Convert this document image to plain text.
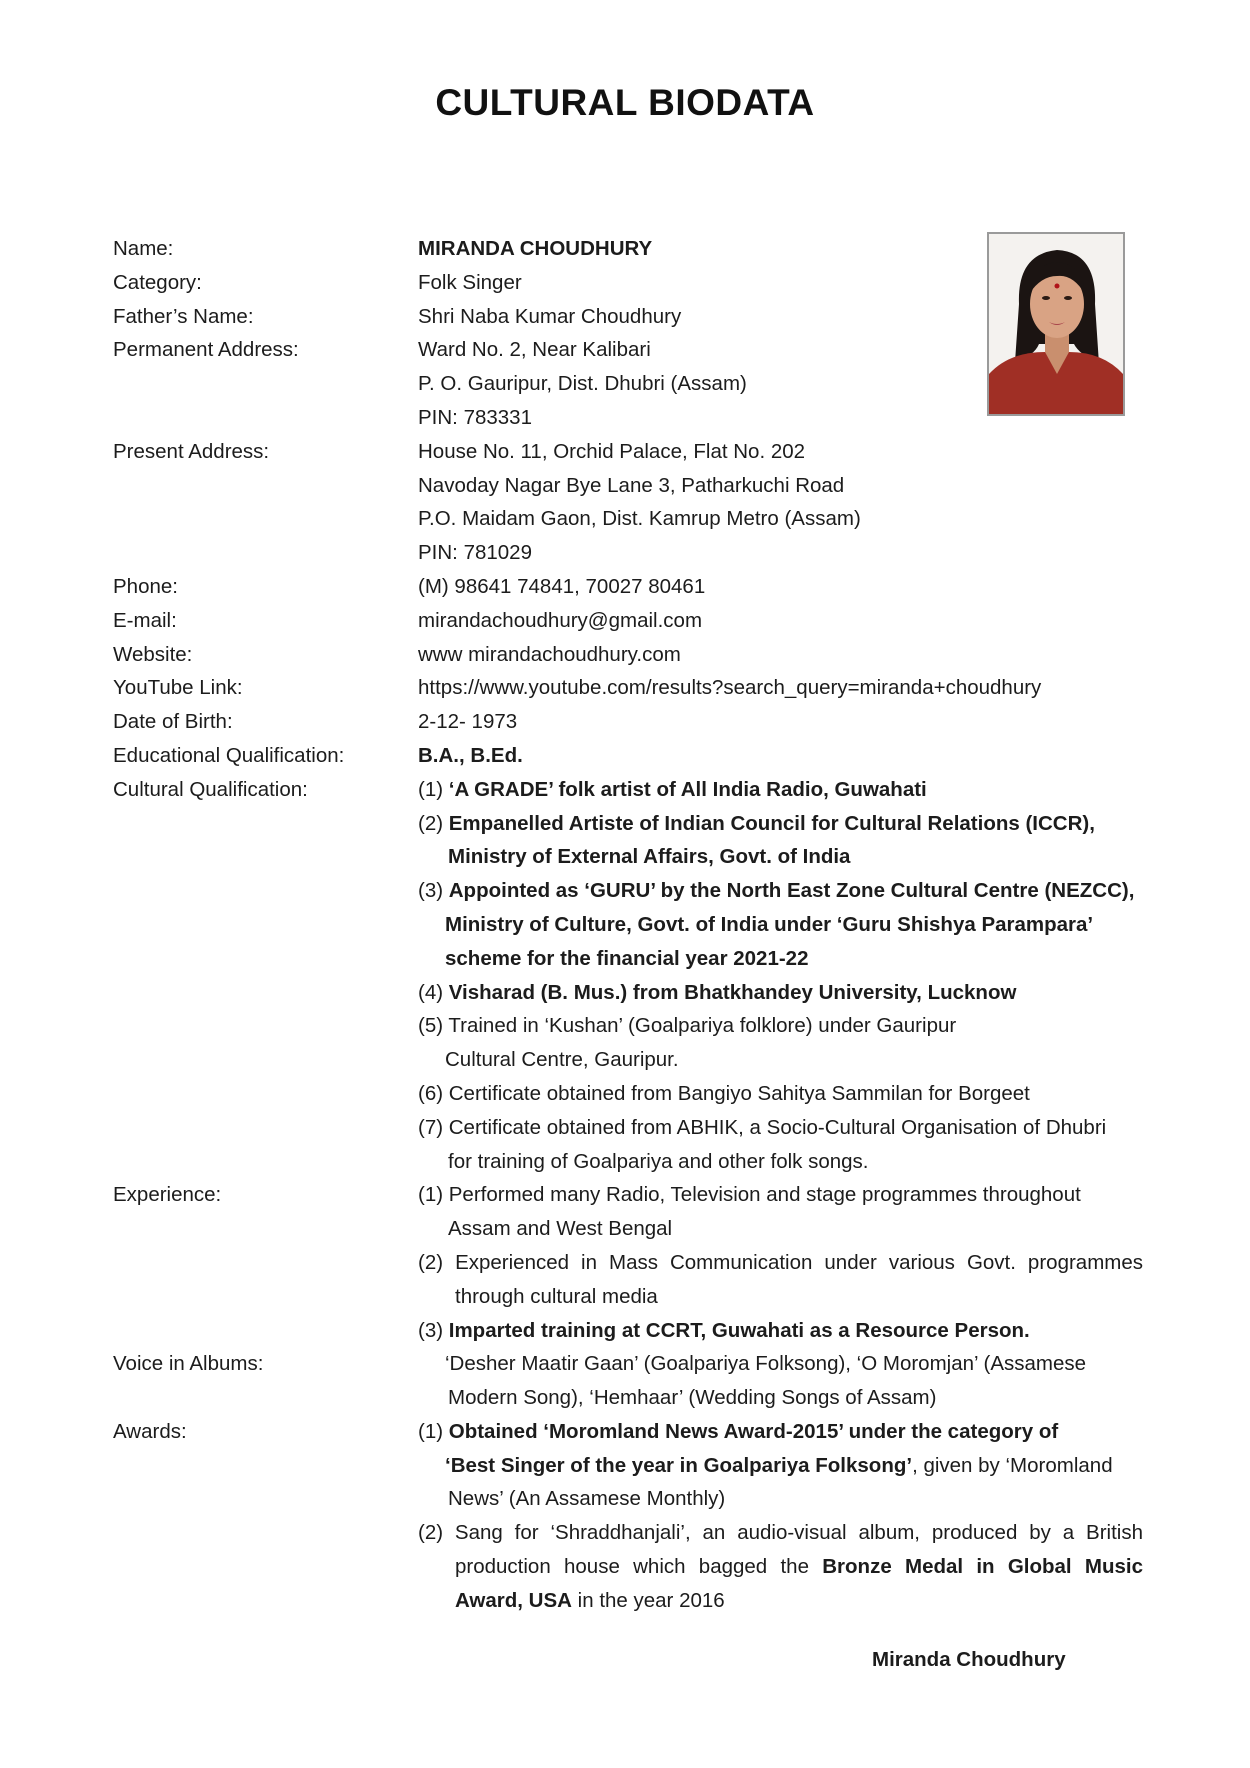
CULTURAL BIODATA
Name:	MIRANDA CHOUDHURY
Category:	Folk Singer
Father’s Name:	Shri Naba Kumar Choudhury
Permanent Address:	Ward No. 2, Near Kalibari
P. O. Gauripur, Dist. Dhubri (Assam)
PIN: 783331
Present Address:	House No. 11, Orchid Palace, Flat No. 202
Navoday Nagar Bye Lane 3, Patharkuchi Road
P.O. Maidam Gaon, Dist. Kamrup Metro (Assam)
PIN: 781029
Phone:	(M) 98641 74841, 70027 80461
E-mail:	mirandachoudhury@gmail.com
Website:	www mirandachoudhury.com
YouTube Link:	https://www.youtube.com/results?search_query=miranda+choudhury
Date of Birth:	2-12- 1973
Educational Qualification:	B.A., B.Ed.
Cultural Qualification:	(1) ‘A GRADE’ folk artist of All India Radio, Guwahati
(2) Empanelled Artiste of Indian Council for Cultural Relations (ICCR),
Ministry of External Affairs, Govt. of India
(3) Appointed as ‘GURU’ by the North East Zone Cultural Centre (NEZCC),
Ministry of Culture, Govt. of India under ‘Guru Shishya Parampara’
scheme for the financial year 2021-22
(4) Visharad (B. Mus.) from Bhatkhandey University, Lucknow
(5) Trained in ‘Kushan’ (Goalpariya folklore) under Gauripur
Cultural Centre, Gauripur.
(6) Certificate obtained from Bangiyo Sahitya Sammilan for Borgeet
(7) Certificate obtained from ABHIK, a Socio-Cultural Organisation of Dhubri
for training of Goalpariya and other folk songs.
Experience:	(1) Performed many Radio, Television and stage programmes throughout
Assam and West Bengal
(2) Experienced in Mass Communication under various Govt. programmes
through cultural media
(3) Imparted training at CCRT, Guwahati as a Resource Person.
Voice in Albums:	‘Desher Maatir Gaan’ (Goalpariya Folksong), ‘O Moromjan’ (Assamese
Modern Song), ‘Hemhaar’ (Wedding Songs of Assam)
Awards:	(1) Obtained ‘Moromland News Award-2015’ under the category of
‘Best Singer of the year in Goalpariya Folksong’, given by ‘Moromland
News’ (An Assamese Monthly)
(2) Sang for ‘Shraddhanjali’, an audio-visual album, produced by a British
production house which bagged the Bronze Medal in Global Music
Award, USA in the year 2016
Miranda Choudhury
